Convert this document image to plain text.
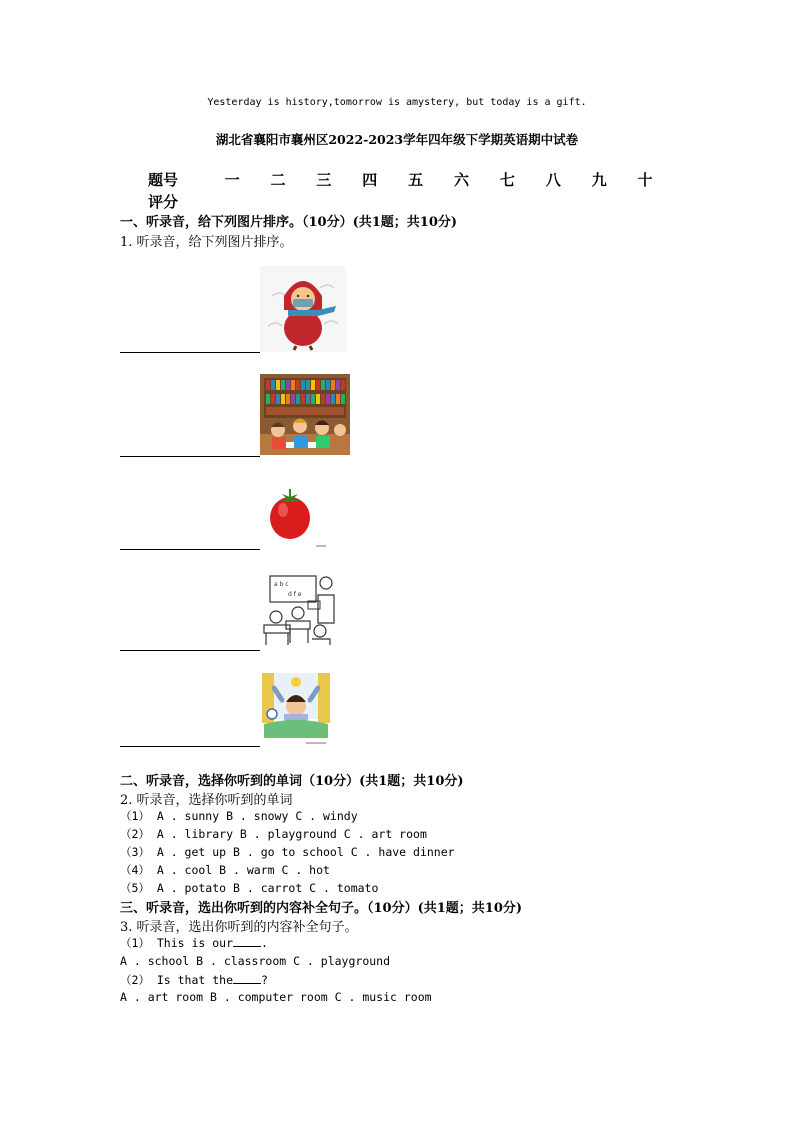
Yesterday is history,tomorrow is amystery, but today is a gift.
湖北省襄阳市襄州区2022-2023学年四年级下学期英语期中试卷
题号	一	二	三	四	五	六	七	八	九	十
评分
一、听录音，给下列图片排序。（10分）(共1题；共10分)
1. 听录音，给下列图片排序。
a b c
d f e
二、听录音，选择你听到的单词（10分）(共1题；共10分)
2. 听录音，选择你听到的单词
（1） A . sunny B . snowy C . windy
（2） A . library B . playground C . art room
（3） A . get up B . go to school C . have dinner
（4） A . cool B . warm C . hot
（5） A . potato B . carrot C . tomato
三、听录音，选出你听到的内容补全句子。（10分）(共1题；共10分)
3. 听录音，选出你听到的内容补全句子。
（1） This is our .
A . school B . classroom C . playground
（2） Is that the ?
A . art room B . computer room C . music room
